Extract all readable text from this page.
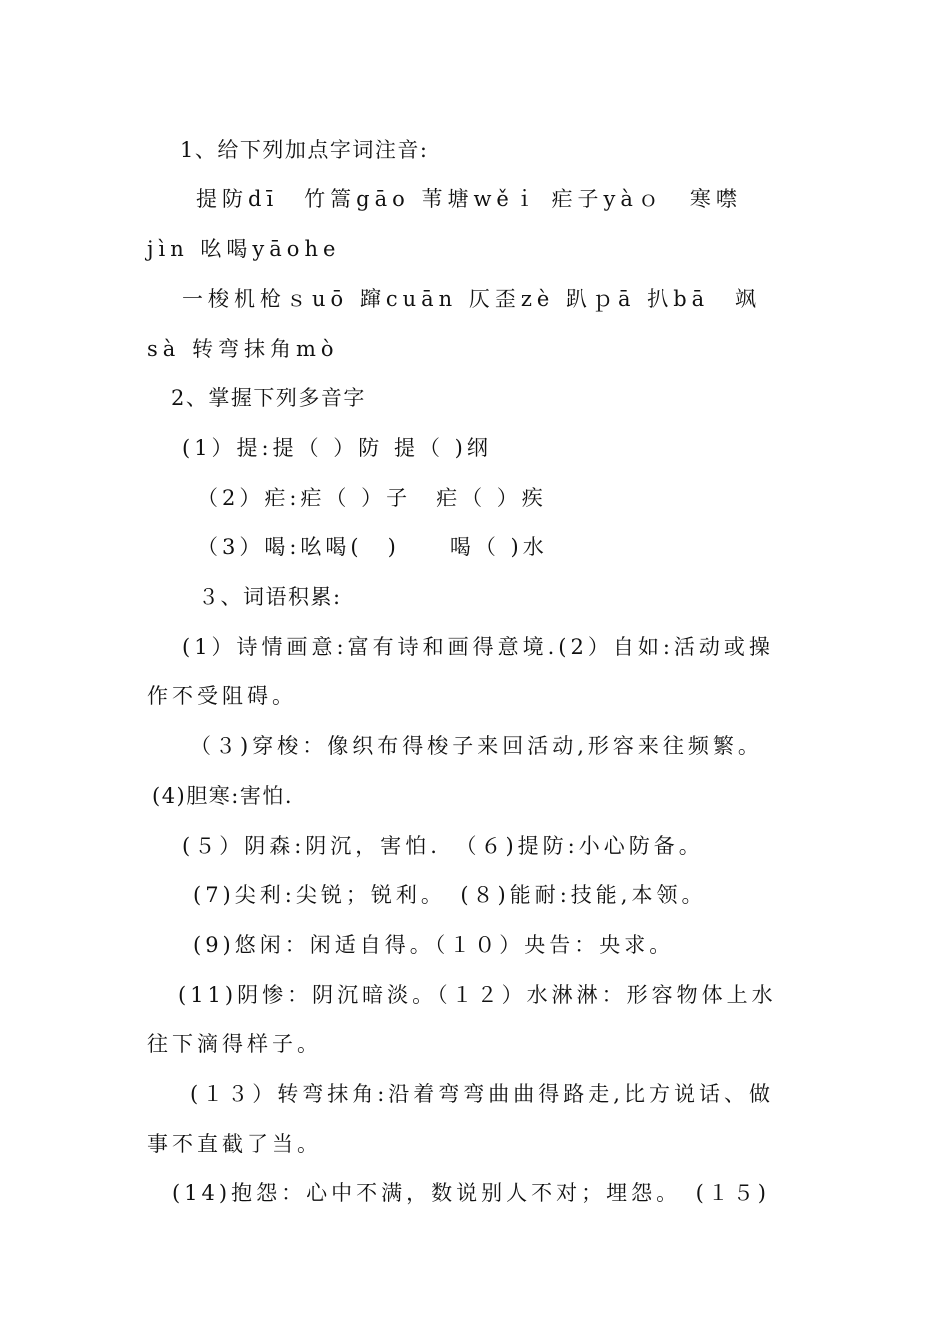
1、给下列加点字词注音:
提防dī　竹篙gāo 苇塘wěｉ 疟子yàｏ　寒噤
jìn 吆喝yāohe
一梭机枪ｓuō 蹿cuān 仄歪zè 趴ｐā 扒bā　飒
sà 转弯抹角mò
2、掌握下列多音字
(1）提:提（ ）防 提（ )纲
（2）疟:疟（ ）子　疟（ ）疾
（3）喝:吆喝(　)　　喝（ )水
３、词语积累:
(1）诗情画意:富有诗和画得意境.(2）自如:活动或操
作不受阻碍。
（３)穿梭：像织布得梭子来回活动,形容来往频繁。
(4)胆寒:害怕.
(５）阴森:阴沉，害怕.　（６)提防:小心防备。
(7)尖利:尖锐；锐利。　(８)能耐:技能,本领。
(9)悠闲：闲适自得。（１０）央告：央求。
(11)阴惨：阴沉暗淡。（１２）水淋淋：形容物体上水
往下滴得样子。
(１３）转弯抹角:沿着弯弯曲曲得路走,比方说话、做
事不直截了当。
(14)抱怨：心中不满，数说别人不对；埋怨。　(１５)
